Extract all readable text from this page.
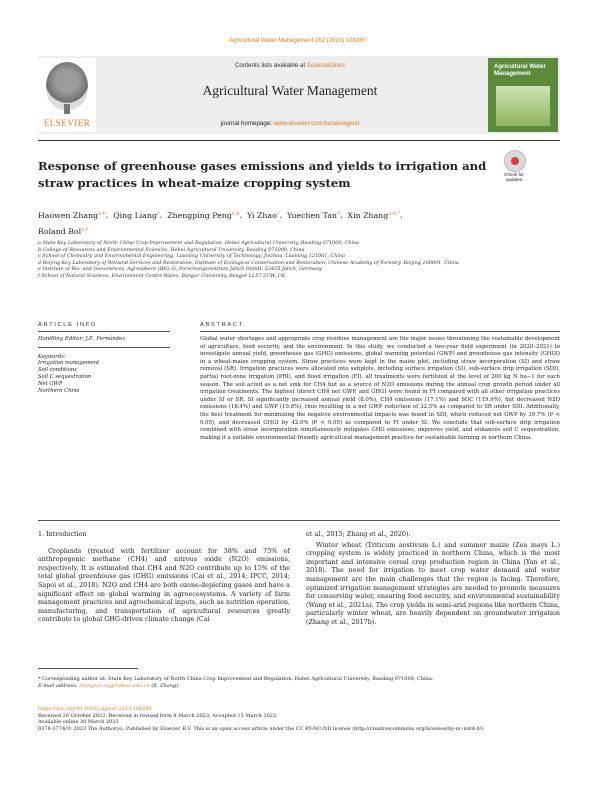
Agricultural Water Management 282 (2023) 108280
ELSEVIER
Contents lists available at ScienceDirect
Agricultural Water Management
journal homepage: www.elsevier.com/locate/agwat
Agricultural Water Management
Response of greenhouse gases emissions and yields to irrigation and straw practices in wheat-maize cropping system
Check for updates
Haowen Zhang$^{a,b}$,  Qing Liang$^c$,  Zhengping Peng$^{a,b}$,  Yi Zhao$^c$,  Yuechen Tan$^d$,  Xin Zhang$^{a,b,*}$,
Roland Bol$^{e,f}$
a State Key Laboratory of North China Crop Improvement and Regulation, Hebei Agricultural University, Baoding 071000, China
b College of Resources and Environmental Sciences, Hebei Agricultural University, Baoding 071000, China
c School of Chemistry and Environmental Engineering, Liaoning University of Technology, Jinzhou, Liaoning 121001, China
d Beijing Key Laboratory of Wetland Services and Restoration, Institute of Ecological Conservation and Restoration, Chinese Academy of Forestry, Beijing 100091, China
e Institute of Bio- and Geosciences, Agrosphere (IBG-3), Forschungszentrum Jülich GmbH, 52425 Jülich, Germany
f School of Natural Sciences, Environment Centre Wales, Bangor University, Bangor LL57 2UW, UK
ARTICLE INFO
Handling Editor: J.E. Fernández
Keywords:
Irrigation management
Soil conditions
Soil C sequestration
Net GWP
Northern China
ABSTRACT
Global water shortages and appropriate crop residues management are the major issues threatening the sustainable development of agriculture, food security, and the environment. In this study, we conducted a two-year field experiment (in 2020–2021) to investigate annual yield, greenhouse gas (GHG) emissions, global warming potential (GWP) and greenhouse gas intensity (GHGI) in a wheat-maize cropping system. Straw practices were kept in the maize plot, including straw incorporation (SI) and straw removal (SR). Irrigation practices were allocated into subplots, including surface irrigation (SI), sub-surface drip irrigation (SDI), partial root-zone irrigation (PRI), and flood irrigation (FI), all treatments were fertilized at the level of 200 kg N ha−1 for each season. The soil acted as a net sink for CH4 but as a source of N2O emissions during the annual crop growth period under all irrigation treatments. The highest (direct CH4 net GWP, and GHGI were found in FI compared with all other irrigation practices under SI or SR. SI significantly increased annual yield (8.0%), CH4 emissions (17.1%) and SOC (119.9%), but decreased N2O emissions (18.4%) and GWP (19.8%), thus resulting in a net GWP reduction of 32.5% as compared to SR under SDI. Additionally, the best treatment for minimizing the negative environmental impacts was found in SDI, which reduced net GWP by 39.7% (P < 0.05), and decreased GHGI by 42.0% (P < 0.05) as compared to FI under SI. We conclude that sub-surface drip irrigation combined with straw incorporation simultaneously mitigates GHG emissions, improves yield, and enhances soil C sequestration, making it a suitable environmental-friendly agricultural management practice for sustainable farming in northern China.
1. Introduction
Croplands (treated with fertilizer account for 38% and 75% of anthropogenic methane (CH4) and nitrous oxide (N2O) emissions, respectively. It is estimated that CH4 and N2O contribute up to 15% of the total global greenhouse gas (GHG) emissions (Cai et al., 2014; IPCC, 2014; Sapoi et al., 2018). N2O and CH4 are both ozone-depleting gases and have a significant effect on global warming in agroecosystems. A variety of farm management practices and agrochemical inputs, such as nutrition operation, manufacturing, and transportation of agricultural resources greatly contribute to global GHG-driven climate change (Cai
et al., 2015; Zhang et al., 2020).
Winter wheat (Triticum aestivum L.) and summer maize (Zea mays L.) cropping system is widely practiced in northern China, which is the most important and intensive cereal crop production region in China (Yan et al., 2018). The need for irrigation to meet crop water demand and water management are the main challenges that the region is facing. Therefore, optimized irrigation management strategies are needed to promote measures for conserving water, ensuring food security, and environmental sustainability (Wang et al., 2021a). The crop yields in semi-arid regions like northern China, particularly winter wheat, are heavily dependent on groundwater irrigation (Zhang et al., 2017b).
* Corresponding author at: State Key Laboratory of North China Crop Improvement and Regulation, Hebei Agricultural University, Baoding 071000, China.
E-mail address: zhangxin.zxj@hebau.edu.cn (X. Zhang).
https://doi.org/10.1016/j.agwat.2023.108280
Received 20 October 2022; Received in revised form 8 March 2023; Accepted 15 March 2023
Available online 20 March 2023
0378-3774/© 2023 The Author(s). Published by Elsevier B.V. This is an open access article under the CC BY-NC-ND license (http://creativecommons.org/licenses/by-nc-nd/4.0/).
